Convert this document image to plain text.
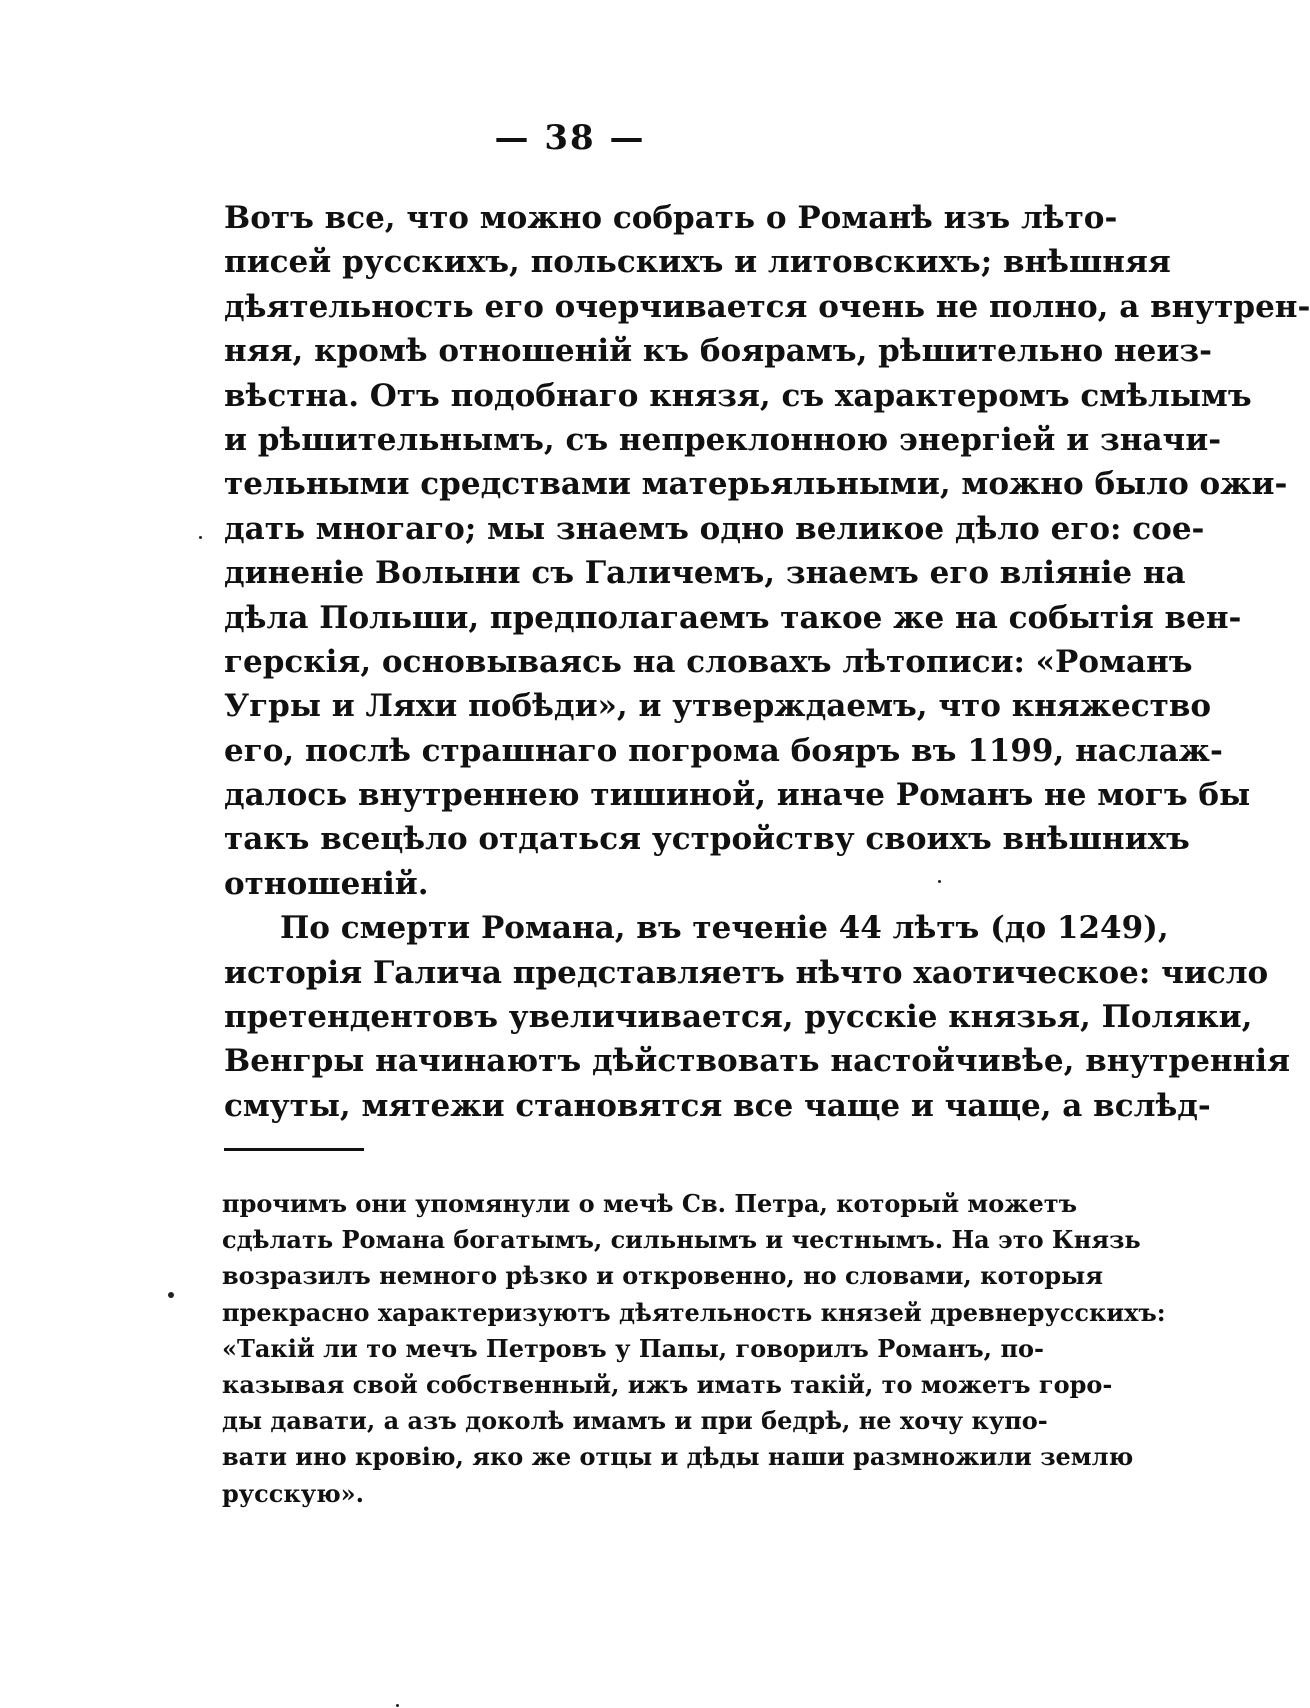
— 38 —
Вотъ все, что можно собрать о Романѣ изъ лѣто-
писей русскихъ, польскихъ и литовскихъ; внѣшняя
дѣятельность его очерчивается очень не полно, а внутрен-
няя, кромѣ отношеній къ боярамъ, рѣшительно неиз-
вѣстна. Отъ подобнаго князя, съ характеромъ смѣлымъ
и рѣшительнымъ, съ непреклонною энергіей и значи-
тельными средствами матерьяльными, можно было ожи-
дать многаго; мы знаемъ одно великое дѣло его: сое-
диненіе Волыни съ Галичемъ, знаемъ его вліяніе на
дѣла Польши, предполагаемъ такое же на событія вен-
герскія, основываясь на словахъ лѣтописи: «Романъ
Угры и Ляхи побѣди», и утверждаемъ, что княжество
его, послѣ страшнаго погрома бояръ въ 1199, наслаж-
далось внутреннею тишиной, иначе Романъ не могъ бы
такъ всецѣло отдаться устройству своихъ внѣшнихъ
отношеній.
По смерти Романа, въ теченіе 44 лѣтъ (до 1249),
исторія Галича представляетъ нѣчто хаотическое: число
претендентовъ увеличивается, русскіе князья, Поляки,
Венгры начинаютъ дѣйствовать настойчивѣе, внутреннія
смуты, мятежи становятся все чаще и чаще, а вслѣд-
прочимъ они упомянули о мечѣ Св. Петра, который можетъ
сдѣлать Романа богатымъ, сильнымъ и честнымъ. На это Князь
возразилъ немного рѣзко и откровенно, но словами, которыя
прекрасно характеризуютъ дѣятельность князей древнерусскихъ:
«Такій ли то мечъ Петровъ у Папы, говорилъ Романъ, по-
казывая свой собственный, ижъ имать такій, то можетъ горо-
ды давати, а азъ доколѣ имамъ и при бедрѣ, не хочу купо-
вати ино кровію, яко же отцы и дѣды наши размножили землю
русскую».
